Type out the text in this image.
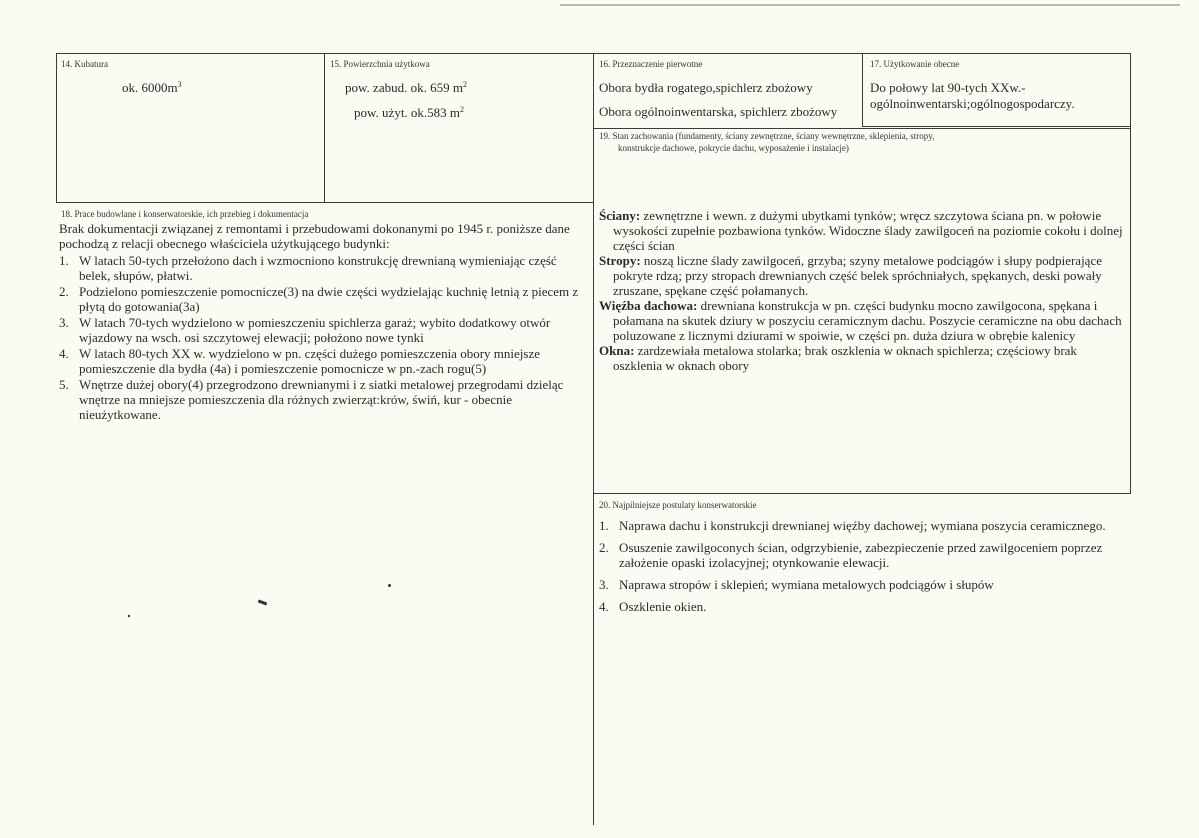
14. Kubatura
ok. $6000m^3$
15. Powierzchnia użytkowa
pow. zabud. ok. 659 $m^2$
pow. użyt. ok.583 $m^2$
16. Przeznaczenie pierwotne
Obora bydła rogatego,spichlerz zbożowy
Obora ogólnoinwentarska, spichlerz zbożowy
17. Użytkowanie obecne
Do połowy lat 90-tych XXw.-
ogólnoinwentarski;ogólnogospodarczy.
19. Stan zachowania (fundamenty, ściany zewnętrzne, ściany wewnętrzne, sklepienia, stropy,
konstrukcje dachowe, pokrycie dachu, wyposażenie i instalacje)

Ściany: zewnętrzne i wewn. z dużymi ubytkami tynków; wręcz szczytowa ściana pn. w połowie wysokości zupełnie pozbawiona tynków. Widoczne ślady zawilgoceń na poziomie cokołu i dolnej części ścian

Stropy: noszą liczne ślady zawilgoceń, grzyba; szyny metalowe podciągów i słupy podpierające pokryte rdzą; przy stropach drewnianych część belek spróchniałych, spękanych, deski powały zruszane, spękane część połamanych.

Więźba dachowa: drewniana konstrukcja w pn. części budynku mocno zawilgocona, spękana i połamana na skutek dziury w poszyciu ceramicznym dachu. Poszycie ceramiczne na obu dachach poluzowane z licznymi dziurami w spoiwie, w części pn. duża dziura w obrębie kalenicy

Okna: zardzewiała metalowa stolarka; brak oszklenia w oknach spichlerza; częściowy brak oszklenia w oknach obory

18. Prace budowlane i konserwatorskie, ich przebieg i dokumentacja
Brak dokumentacji związanej z remontami i przebudowami dokonanymi po 1945 r. poniższe dane pochodzą z relacji obecnego właściciela użytkującego budynki:
1. W latach 50-tych przełożono dach i wzmocniono konstrukcję drewnianą wymieniając część belek, słupów, płatwi.
2. Podzielono pomieszczenie pomocnicze(3) na dwie części wydzielając kuchnię letnią z piecem z płytą do gotowania(3a)
3. W latach 70-tych wydzielono w pomieszczeniu spichlerza garaż; wybito dodatkowy otwór wjazdowy na wsch. osi szczytowej elewacji; położono nowe tynki
4. W latach 80-tych XX w. wydzielono w pn. części dużego pomieszczenia obory mniejsze pomieszczenie dla bydła (4a) i pomieszczenie pomocnicze w pn.-zach rogu(5)
5. Wnętrze dużej obory(4) przegrodzono drewnianymi i z siatki metalowej przegrodami dzieląc wnętrze na mniejsze pomieszczenia dla różnych zwierząt:krów, świń, kur - obecnie nieużytkowane.
20. Najpilniejsze postulaty konserwatorskie
1. Naprawa dachu i konstrukcji drewnianej więźby dachowej; wymiana poszycia ceramicznego.
2. Osuszenie zawilgoconych ścian, odgrzybienie, zabezpieczenie przed zawilgoceniem poprzez założenie opaski izolacyjnej; otynkowanie elewacji.
3. Naprawa stropów i sklepień; wymiana metalowych podciągów i słupów
4. Oszklenie okien.
